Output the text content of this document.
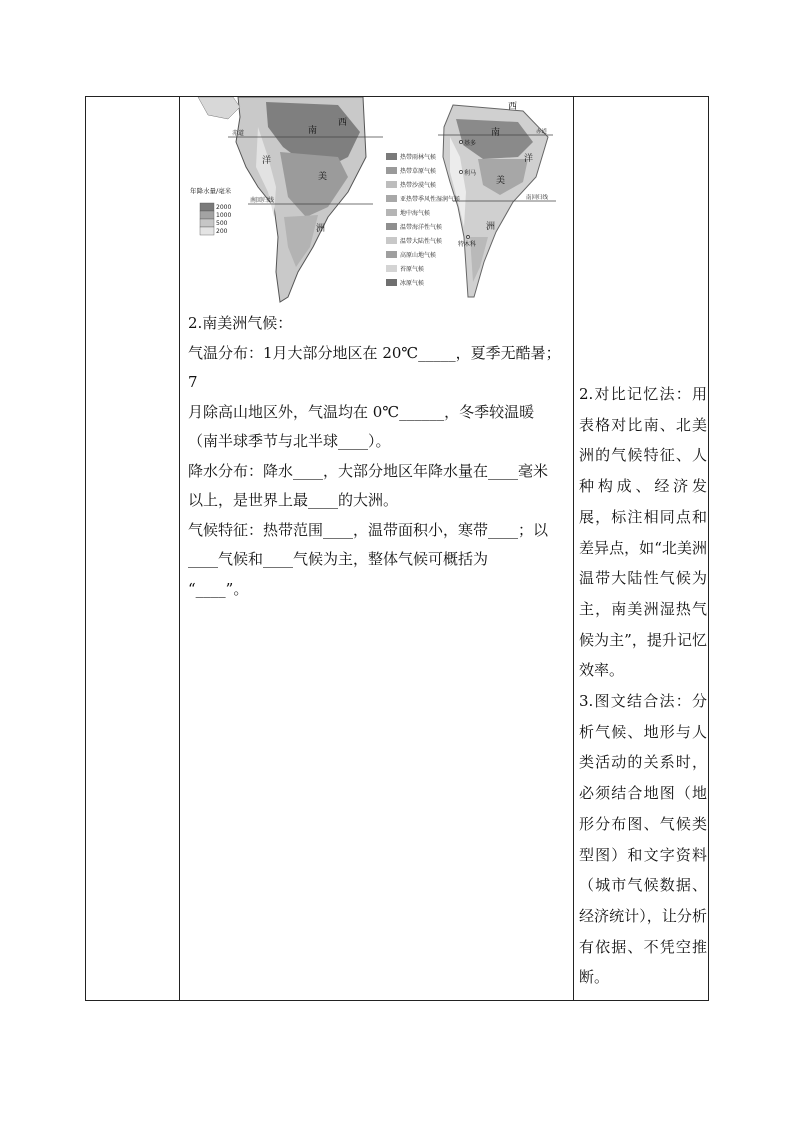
南
西
美
洲
洋
赤道
南回归线
年降水量/毫米
2000
1000
500
200
西
南
美
洲
洋
基多
利马
特木科
赤道
南回归线
热带雨林气候
热带草原气候
热带沙漠气候
亚热带季风性湿润气候
地中海气候
温带海洋性气候
温带大陆性气候
高原山地气候
苔原气候
冰原气候

2.南美洲气候：

气温分布：1月大部分地区在 20℃_____，夏季无酷暑；7

月除高山地区外，气温均在 0℃______，冬季较温暖

（南半球季节与北半球____）。

降水分布：降水____，大部分地区年降水量在____毫米

以上，是世界上最____的大洲。

气候特征：热带范围____，温带面积小，寒带____；以

____气候和____气候为主，整体气候可概括为

“____”。

2.对比记忆法：用表格对比南、北美洲的气候特征、人种构成、经济发展，标注相同点和差异点，如“北美洲温带大陆性气候为主，南美洲湿热气候为主”，提升记忆效率。

3.图文结合法：分析气候、地形与人类活动的关系时，必须结合地图（地形分布图、气候类型图）和文字资料（城市气候数据、经济统计），让分析有依据、不凭空推断。
